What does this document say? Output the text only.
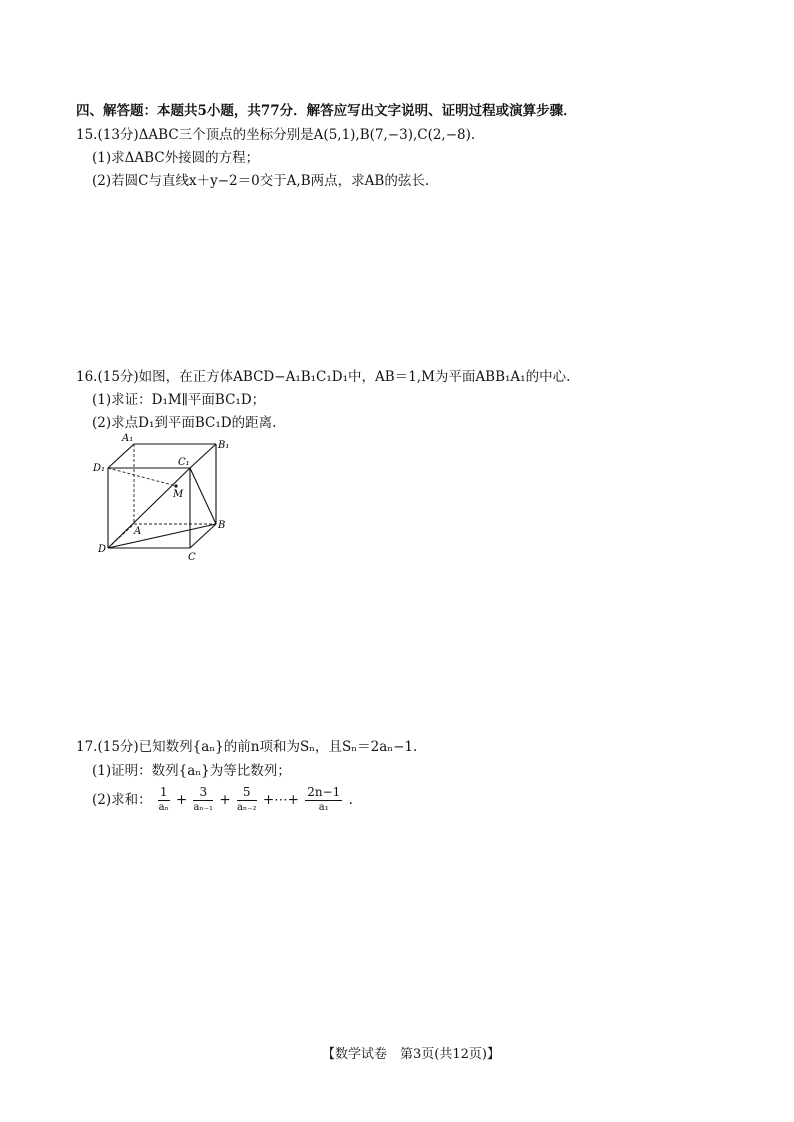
四、解答题：本题共5小题，共77分．解答应写出文字说明、证明过程或演算步骤．
15.(13分)ΔABC三个顶点的坐标分别是A(5,1),B(7,−3),C(2,−8).
(1)求ΔABC外接圆的方程；
(2)若圆C与直线x＋y−2＝0交于A,B两点，求AB的弦长.
16.(15分)如图，在正方体ABCD−A₁B₁C₁D₁中，AB＝1,M为平面ABB₁A₁的中心.
(1)求证：D₁M∥平面BC₁D；
(2)求点D₁到平面BC₁D的距离.
A₁
B₁
C₁
D₁
M
A
B
C
D
17.(15分)已知数列{aₙ}的前n项和为Sₙ，且Sₙ＝2aₙ−1.
(1)证明：数列{aₙ}为等比数列；
(2)求和： $\frac{1}{\text{aₙ}} + \frac{3}{\text{aₙ₋₁}} + \frac{5}{\text{aₙ₋₂}}$ +⋯+ $\frac{2n-1}{\text{a₁}}$ .
【数学试卷　第3页(共12页)】
